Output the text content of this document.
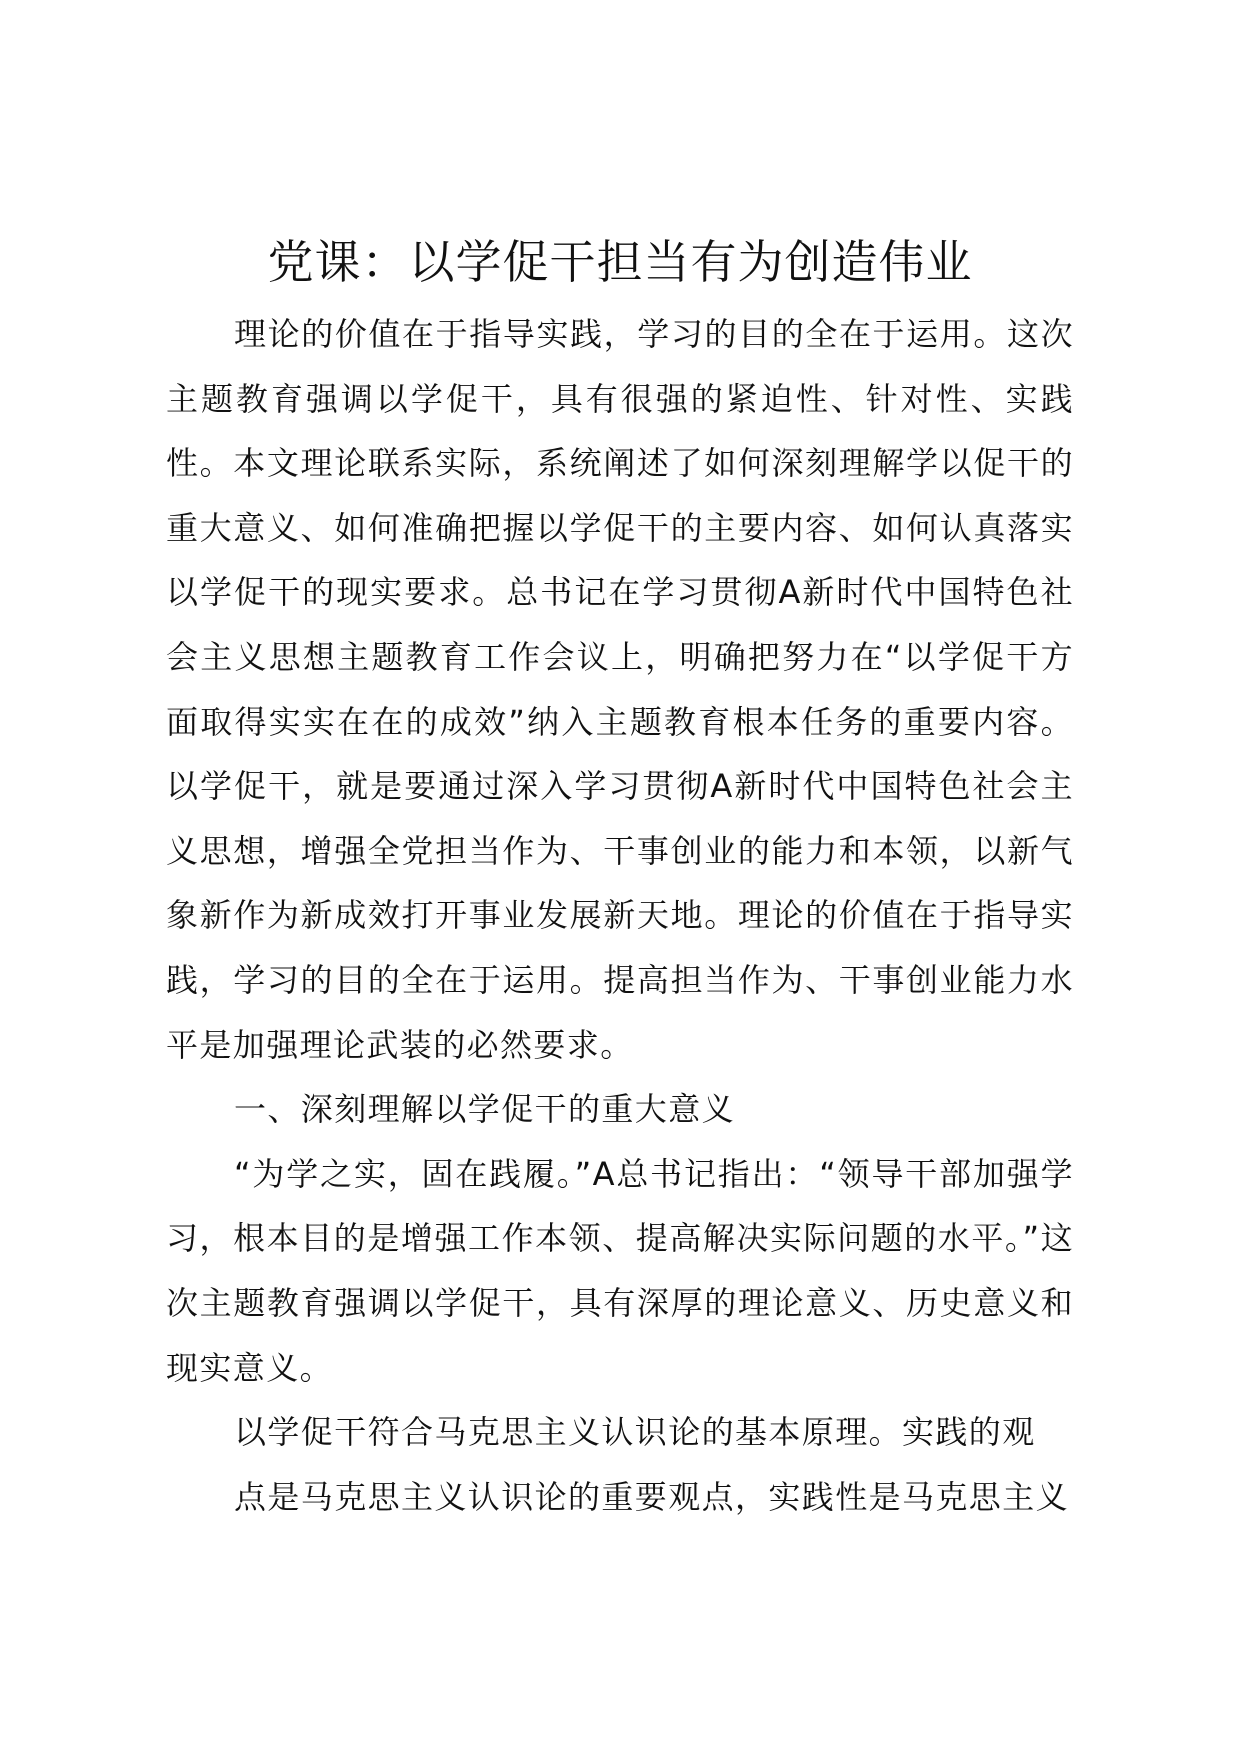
党课：以学促干担当有为创造伟业

理论的价值在于指导实践，学习的目的全在于运用。这次主题教育强调以学促干，具有很强的紧迫性、针对性、实践性。本文理论联系实际，系统阐述了如何深刻理解学以促干的重大意义、如何准确把握以学促干的主要内容、如何认真落实以学促干的现实要求。总书记在学习贯彻A新时代中国特色社会主义思想主题教育工作会议上，明确把努力在“以学促干方面取得实实在在的成效”纳入主题教育根本任务的重要内容。以学促干，就是要通过深入学习贯彻A新时代中国特色社会主义思想，增强全党担当作为、干事创业的能力和本领，以新气象新作为新成效打开事业发展新天地。理论的价值在于指导实践，学习的目的全在于运用。提高担当作为、干事创业能力水平是加强理论武装的必然要求。

一、深刻理解以学促干的重大意义

“为学之实，固在践履。”A总书记指出：“领导干部加强学习，根本目的是增强工作本领、提高解决实际问题的水平。”这次主题教育强调以学促干，具有深厚的理论意义、历史意义和现实意义。

以学促干符合马克思主义认识论的基本原理。实践的观

点是马克思主义认识论的重要观点，实践性是马克思主义
